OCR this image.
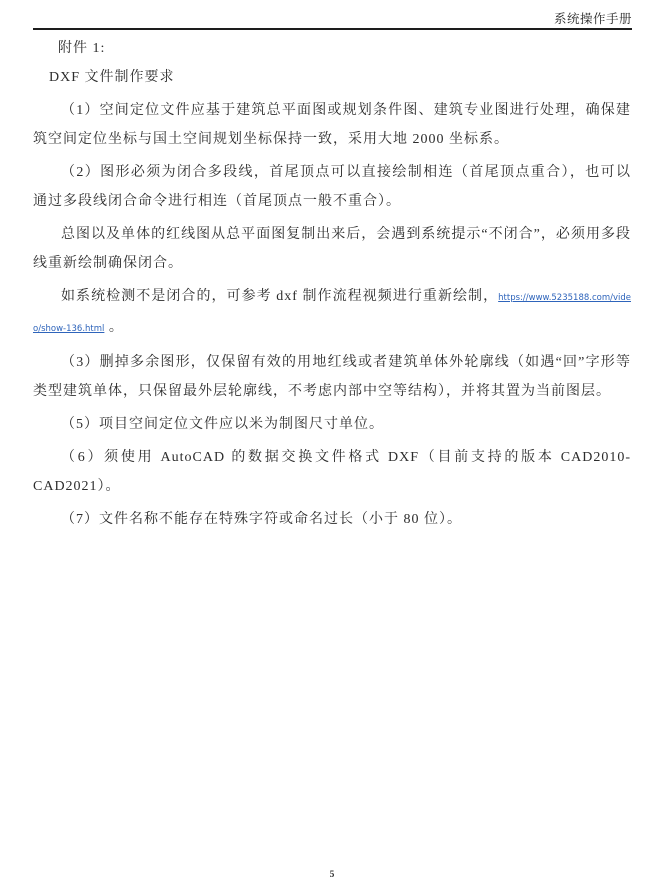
系统操作手册

附件 1:

DXF 文件制作要求

（1）空间定位文件应基于建筑总平面图或规划条件图、建筑专业图进行处理，确保建筑空间定位坐标与国土空间规划坐标保持一致，采用大地 2000 坐标系。

（2）图形必须为闭合多段线，首尾顶点可以直接绘制相连（首尾顶点重合），也可以通过多段线闭合命令进行相连（首尾顶点一般不重合）。

总图以及单体的红线图从总平面图复制出来后，会遇到系统提示“不闭合”，必须用多段线重新绘制确保闭合。

如系统检测不是闭合的，可参考 dxf 制作流程视频进行重新绘制，https://www.5235188.com/video/show-136.html 。

（3）删掉多余图形，仅保留有效的用地红线或者建筑单体外轮廓线（如遇“回”字形等类型建筑单体，只保留最外层轮廓线，不考虑内部中空等结构），并将其置为当前图层。

（5）项目空间定位文件应以米为制图尺寸单位。

（6）须使用 AutoCAD 的数据交换文件格式 DXF（目前支持的版本 CAD2010-CAD2021）。

（7）文件名称不能存在特殊字符或命名过长（小于 80 位）。

5
